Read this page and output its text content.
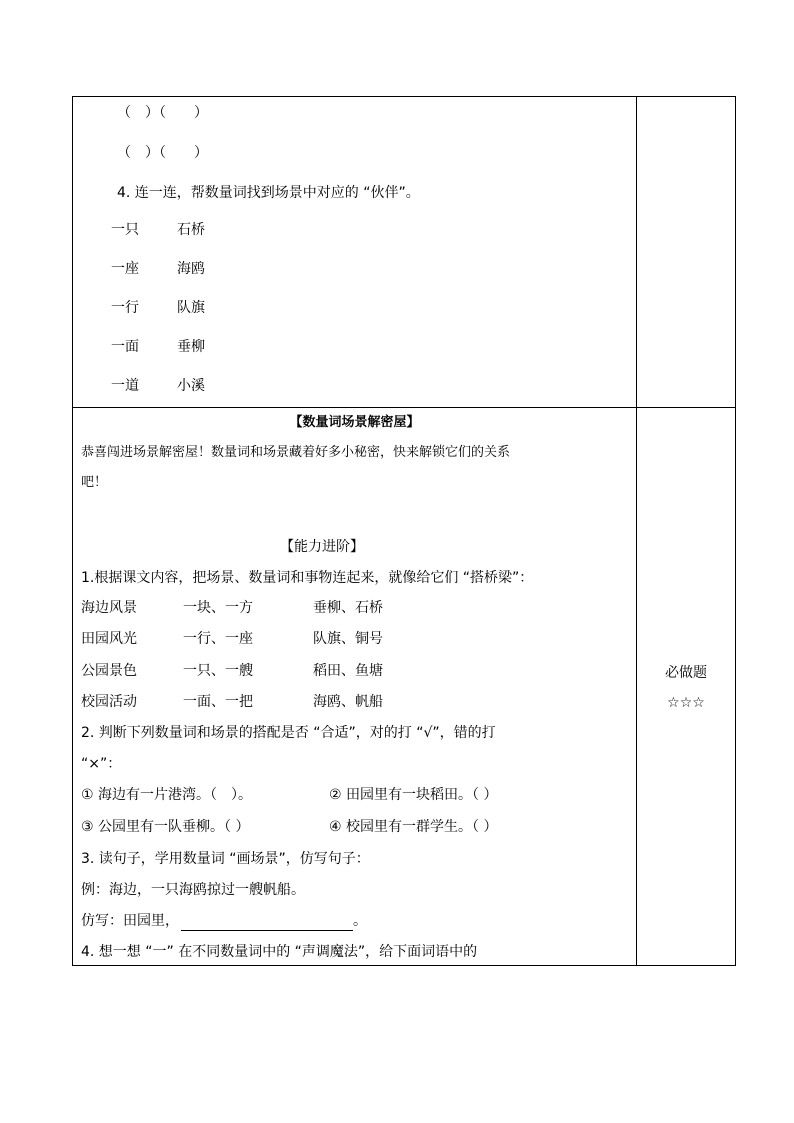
（　）（　　）
（　）（　　）
4. 连一连，帮数量词找到场景中对应的 “伙伴”。
一只	石桥
一座	海鸥
一行	队旗
一面	垂柳
一道	小溪
【数量词场景解密屋】
恭喜闯进场景解密屋！数量词和场景藏着好多小秘密，快来解锁它们的关系
吧！
【能力进阶】
1.根据课文内容，把场景、数量词和事物连起来，就像给它们 “搭桥梁”：
海边风景	一块、一方	垂柳、石桥
田园风光	一行、一座	队旗、铜号
公园景色	一只、一艘	稻田、鱼塘
校园活动	一面、一把	海鸥、帆船
2. 判断下列数量词和场景的搭配是否 “合适”，对的打 “√”，错的打
“×”：
① 海边有一片港湾。（　）。	② 田园里有一块稻田。（ ）
③ 公园里有一队垂柳。（ ）	④ 校园里有一群学生。（ ）
3. 读句子，学用数量词 “画场景”，仿写句子：
例：海边，一只海鸥掠过一艘帆船。
仿写：田园里，	。
4. 想一想 “一” 在不同数量词中的 “声调魔法”，给下面词语中的
必做题
☆☆☆
